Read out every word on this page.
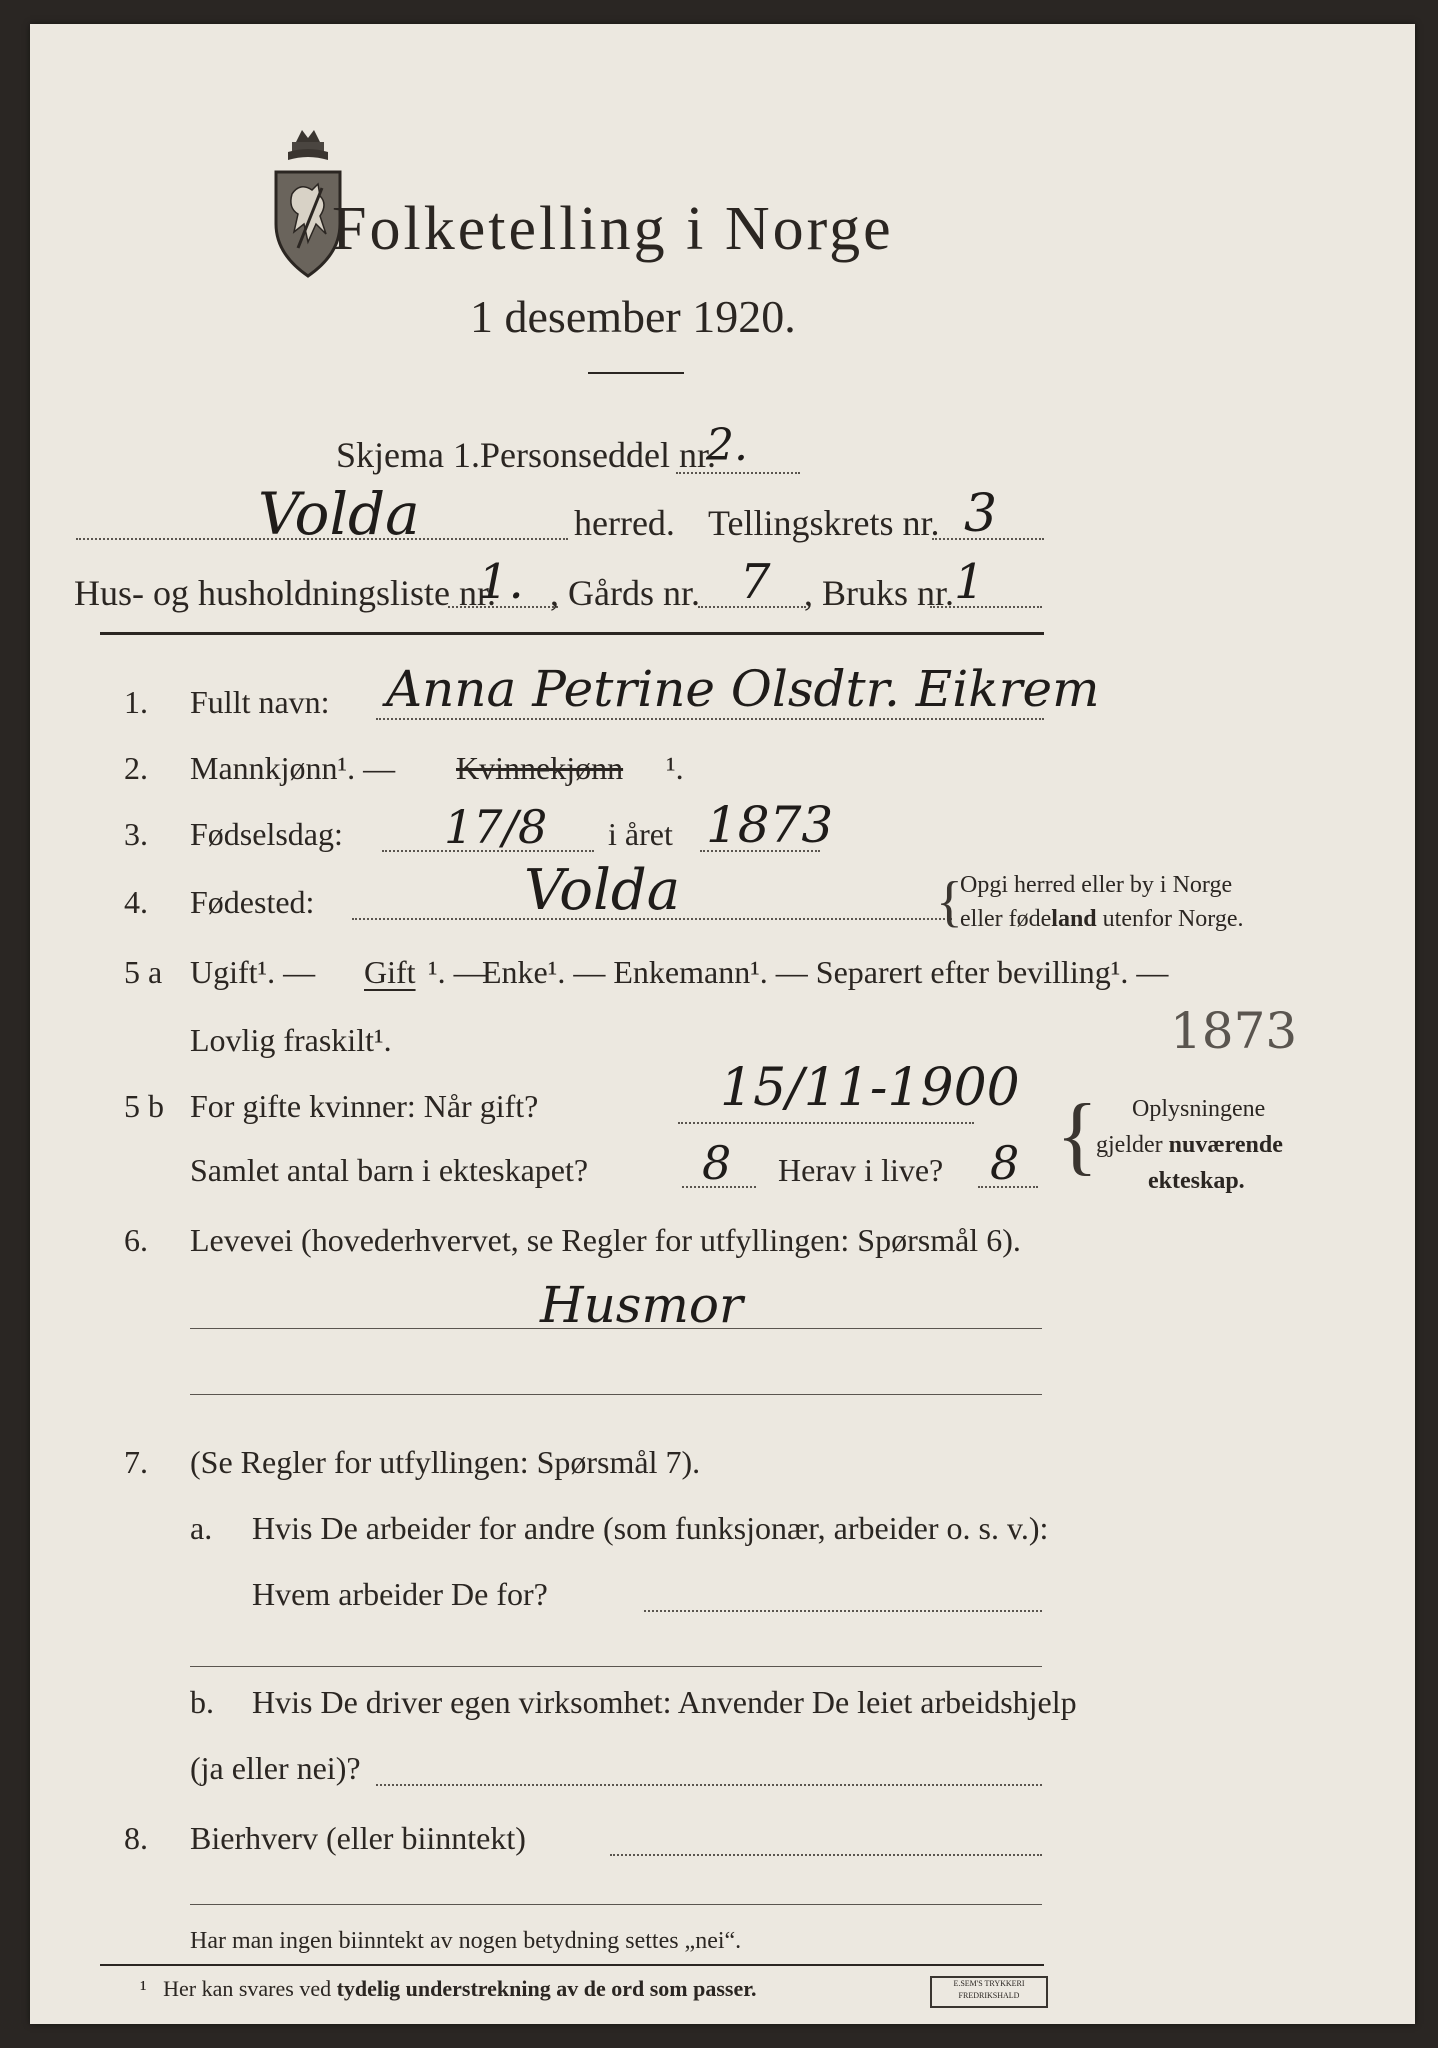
Folketelling i Norge
1 desember 1920.
Skjema 1. Personseddel nr.
2.
Volda	herred. Tellingskrets nr. 3
Hus- og husholdningsliste nr.
1. , Gårds nr. 7 , Bruks nr. 1
1. Fullt navn: Anna Petrine Olsdtr. Eikrem
2. Mannkjønn¹. — Kvinnekjønn ¹.
3. Fødselsdag: 17/8 i året 1873
4. Fødested:	Volda	{
Opgi herred eller by i Norge
eller fødeland utenfor Norge.
5 a Ugift¹. — Gift ¹. —
Enke¹. — Enkemann¹. — Separert efter bevilling¹. —
Lovlig fraskilt¹.	1873
5 b For gifte kvinner: Når gift?	15/11-1900
Samlet antal barn i ekteskapet? 8 Herav i live? 8 { Oplysningene
gjelder nuværende
ekteskap.
6. Levevei (hovederhvervet, se Regler for utfyllingen: Spørsmål 6).
Husmor
7. (Se Regler for utfyllingen: Spørsmål 7).
a. Hvis De arbeider for andre (som funksjonær, arbeider o. s. v.):
Hvem arbeider De for?
b. Hvis De driver egen virksomhet: Anvender De leiet arbeidshjelp
(ja eller nei)?
8. Bierhverv (eller biinntekt)
Har man ingen biinntekt av nogen betydning settes „nei“.
¹ Her kan svares ved tydelig understrekning av de ord som passer.	E.SEM'S TRYKKERI
FREDRIKSHALD
